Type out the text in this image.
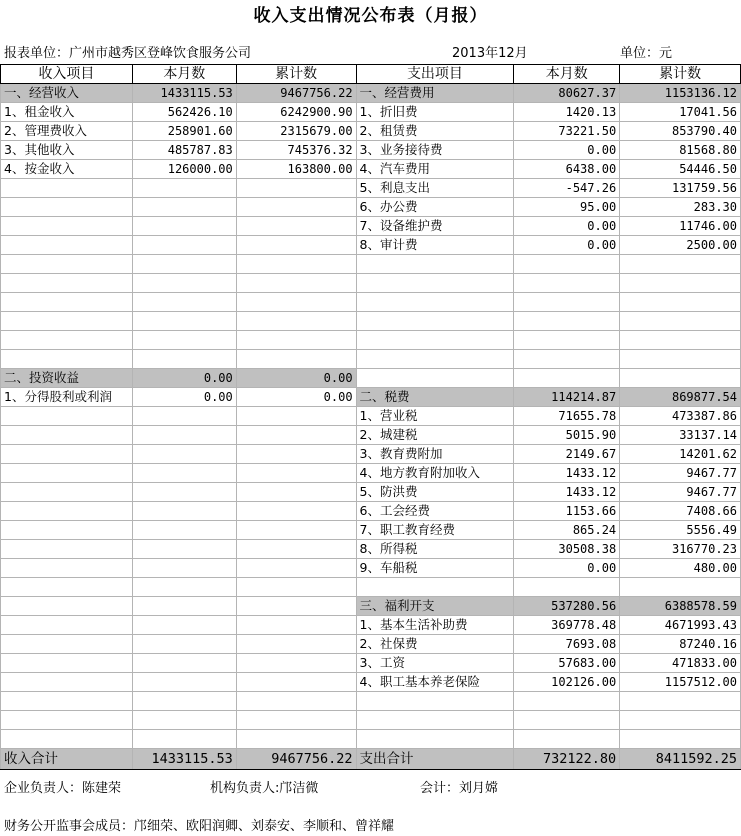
收入支出情况公布表（月报）
报表单位：广州市越秀区登峰饮食服务公司	2013年12月	单位：元
收入项目	本月数	累计数	支出项目	本月数	累计数
一、经营收入	1433115.53	9467756.22	一、经营费用	80627.37	1153136.12
1、租金收入	562426.10	6242900.90	1、折旧费	1420.13	17041.56
2、管理费收入	258901.60	2315679.00	2、租赁费	73221.50	853790.40
3、其他收入	485787.83	745376.32	3、业务接待费	0.00	81568.80
4、按金收入	126000.00	163800.00	4、汽车费用	6438.00	54446.50
			5、利息支出	-547.26	131759.56
			6、办公费	95.00	283.30
			7、设备维护费	0.00	11746.00
			8、审计费	0.00	2500.00

二、投资收益	0.00	0.00			
1、分得股利或利润	0.00	0.00	二、税费	114214.87	869877.54
			1、营业税	71655.78	473387.86
			2、城建税	5015.90	33137.14
			3、教育费附加	2149.67	14201.62
			4、地方教育附加收入	1433.12	9467.77
			5、防洪费	1433.12	9467.77
			6、工会经费	1153.66	7408.66
			7、职工教育经费	865.24	5556.49
			8、所得税	30508.38	316770.23
			9、车船税	0.00	480.00

			三、福利开支	537280.56	6388578.59
			1、基本生活补助费	369778.48	4671993.43
			2、社保费	7693.08	87240.16
			3、工资	57683.00	471833.00
			4、职工基本养老保险	102126.00	1157512.00

收入合计	1433115.53	9467756.22	支出合计	732122.80	8411592.25
企业负责人：陈建荣	机构负责人:邝洁微	会计：刘月嫦
财务公开监事会成员：邝细荣、欧阳润卿、刘泰安、李顺和、曾祥耀
